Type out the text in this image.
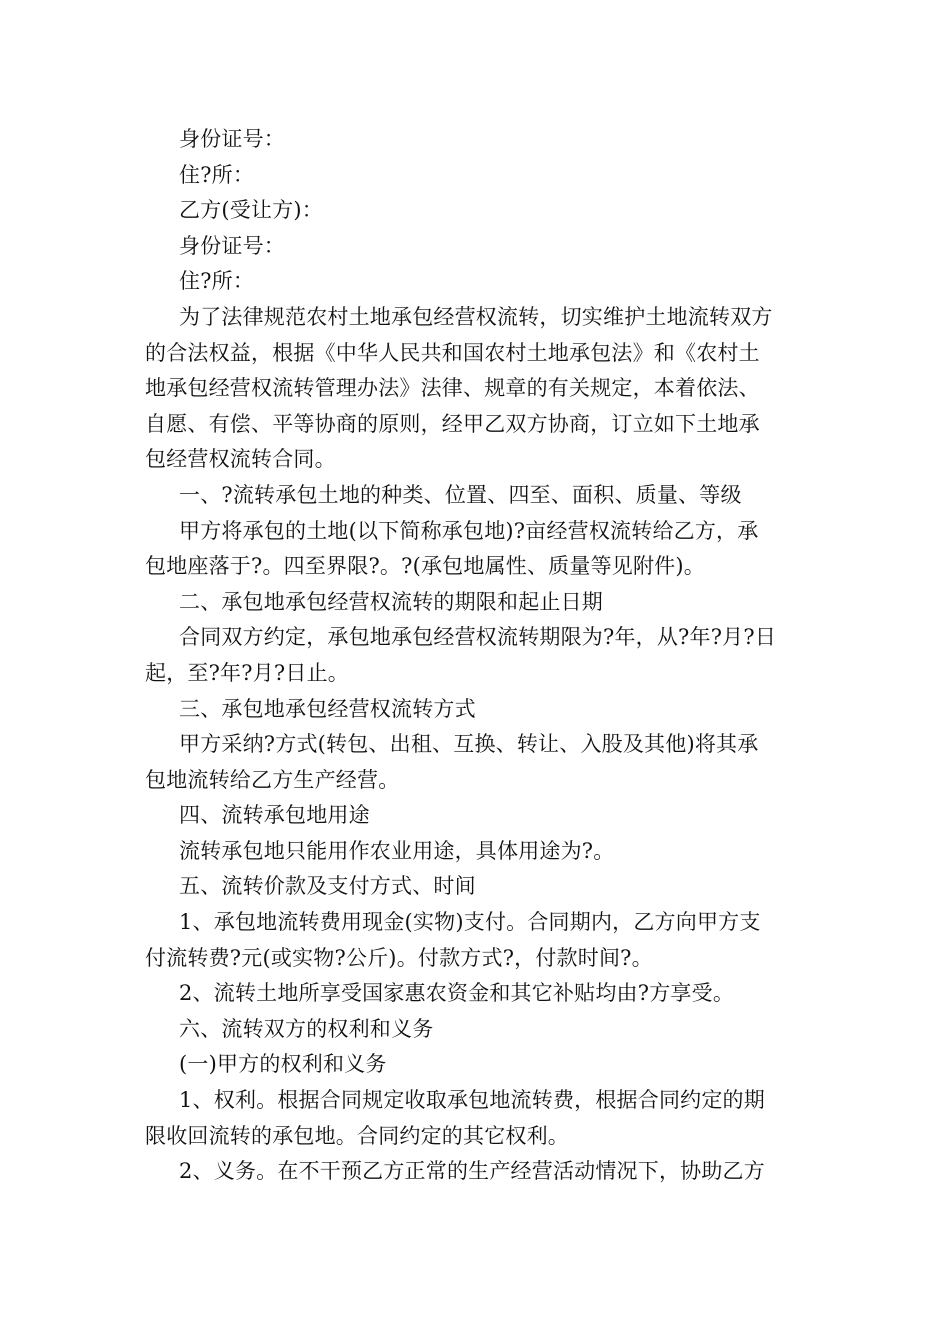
身份证号：

住?所：

乙方(受让方)：

身份证号：

住?所：

为了法律规范农村土地承包经营权流转，切实维护土地流转双方

的合法权益，根据《中华人民共和国农村土地承包法》和《农村土

地承包经营权流转管理办法》法律、规章的有关规定，本着依法、

自愿、有偿、平等协商的原则，经甲乙双方协商，订立如下土地承

包经营权流转合同。

一、?流转承包土地的种类、位置、四至、面积、质量、等级

甲方将承包的土地(以下简称承包地)?亩经营权流转给乙方，承

包地座落于?。四至界限?。?(承包地属性、质量等见附件)。

二、承包地承包经营权流转的期限和起止日期

合同双方约定，承包地承包经营权流转期限为?年，从?年?月?日

起，至?年?月?日止。

三、承包地承包经营权流转方式

甲方采纳?方式(转包、出租、互换、转让、入股及其他)将其承

包地流转给乙方生产经营。

四、流转承包地用途

流转承包地只能用作农业用途，具体用途为?。

五、流转价款及支付方式、时间

1、承包地流转费用现金(实物)支付。合同期内，乙方向甲方支

付流转费?元(或实物?公斤)。付款方式?，付款时间?。

2、流转土地所享受国家惠农资金和其它补贴均由?方享受。

六、流转双方的权利和义务

(一)甲方的权利和义务

1、权利。根据合同规定收取承包地流转费，根据合同约定的期

限收回流转的承包地。合同约定的其它权利。

2、义务。在不干预乙方正常的生产经营活动情况下，协助乙方
